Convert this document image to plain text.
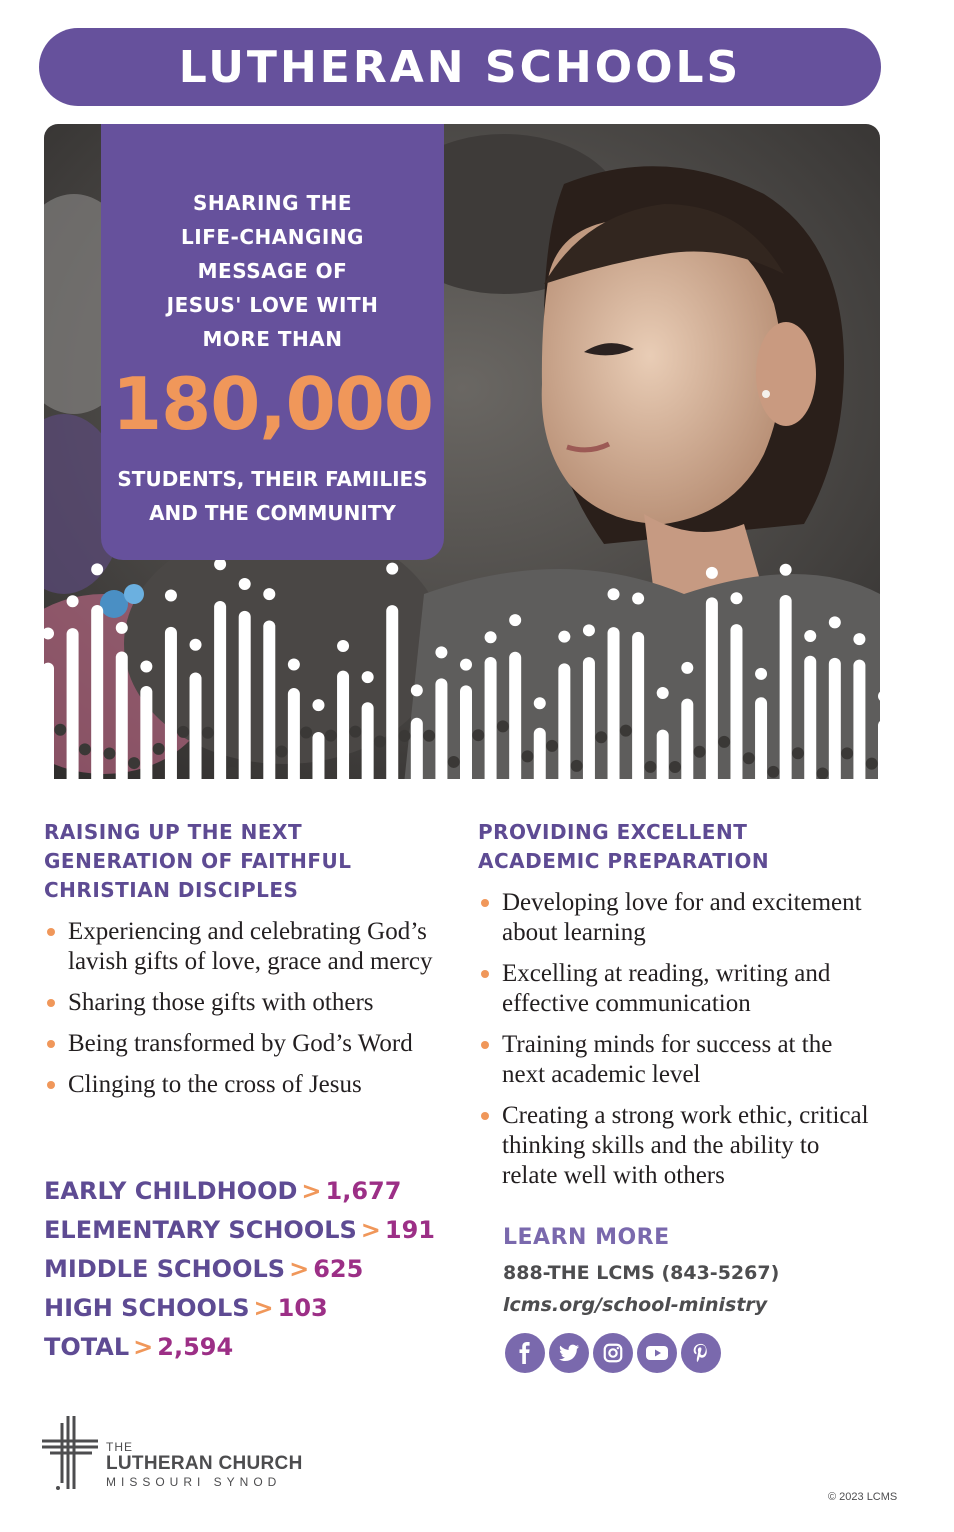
LUTHERAN SCHOOLS
SHARING THE
LIFE-CHANGING
MESSAGE OF
JESUS' LOVE WITH
MORE THAN
180,000
STUDENTS, THEIR FAMILIES
AND THE COMMUNITY
RAISING UP THE NEXT
GENERATION OF FAITHFUL
CHRISTIAN DISCIPLES
Experiencing and celebrating God’s lavish gifts of love, grace and mercy
Sharing those gifts with others
Being transformed by God’s Word
Clinging to the cross of Jesus
PROVIDING EXCELLENT
ACADEMIC PREPARATION
Developing love for and excitement about learning
Excelling at reading, writing and effective communication
Training minds for success at the next academic level
Creating a strong work ethic, critical thinking skills and the ability to relate well with others
EARLY CHILDHOOD > 1,677
ELEMENTARY SCHOOLS > 191
MIDDLE SCHOOLS > 625
HIGH SCHOOLS > 103
TOTAL > 2,594
LEARN MORE
888-THE LCMS (843-5267)
lcms.org/school-ministry
THE
LUTHERAN CHURCH
MISSOURI SYNOD
© 2023 LCMS
